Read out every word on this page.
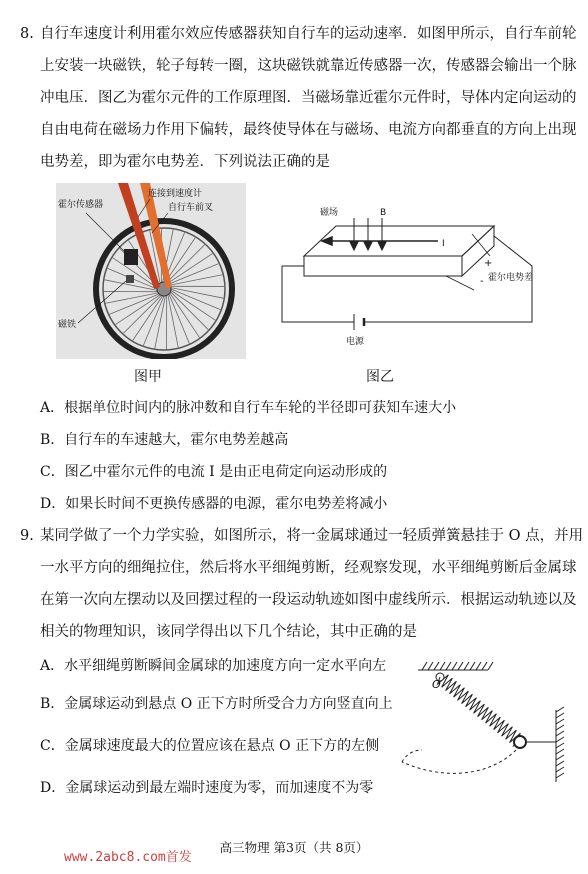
8. 自行车速度计利用霍尔效应传感器获知自行车的运动速率．如图甲所示，自行车前轮
上安装一块磁铁，轮子每转一圈，这块磁铁就靠近传感器一次，传感器会输出一个脉
冲电压．图乙为霍尔元件的工作原理图．当磁场靠近霍尔元件时，导体内定向运动的
自由电荷在磁场力作用下偏转，最终使导体在与磁场、电流方向都垂直的方向上出现
电势差，即为霍尔电势差．下列说法正确的是
霍尔传感器
连接到速度计
自行车前叉
磁铁
图甲
磁场	B
I
+
- 霍尔电势差
电源
图乙
A．根据单位时间内的脉冲数和自行车车轮的半径即可获知车速大小
B．自行车的车速越大，霍尔电势差越高
C．图乙中霍尔元件的电流 I 是由正电荷定向运动形成的
D．如果长时间不更换传感器的电源，霍尔电势差将减小
9. 某同学做了一个力学实验，如图所示，将一金属球通过一轻质弹簧悬挂于 O 点，并用
一水平方向的细绳拉住，然后将水平细绳剪断，经观察发现，水平细绳剪断后金属球
在第一次向左摆动以及回摆过程的一段运动轨迹如图中虚线所示．根据运动轨迹以及
相关的物理知识，该同学得出以下几个结论，其中正确的是
A．水平细绳剪断瞬间金属球的加速度方向一定水平向左
B．金属球运动到悬点 O 正下方时所受合力方向竖直向上
C．金属球速度最大的位置应该在悬点 O 正下方的左侧
D．金属球运动到最左端时速度为零，而加速度不为零
O
高三物理 第3页（共 8页）
www.2abc8.com首发
